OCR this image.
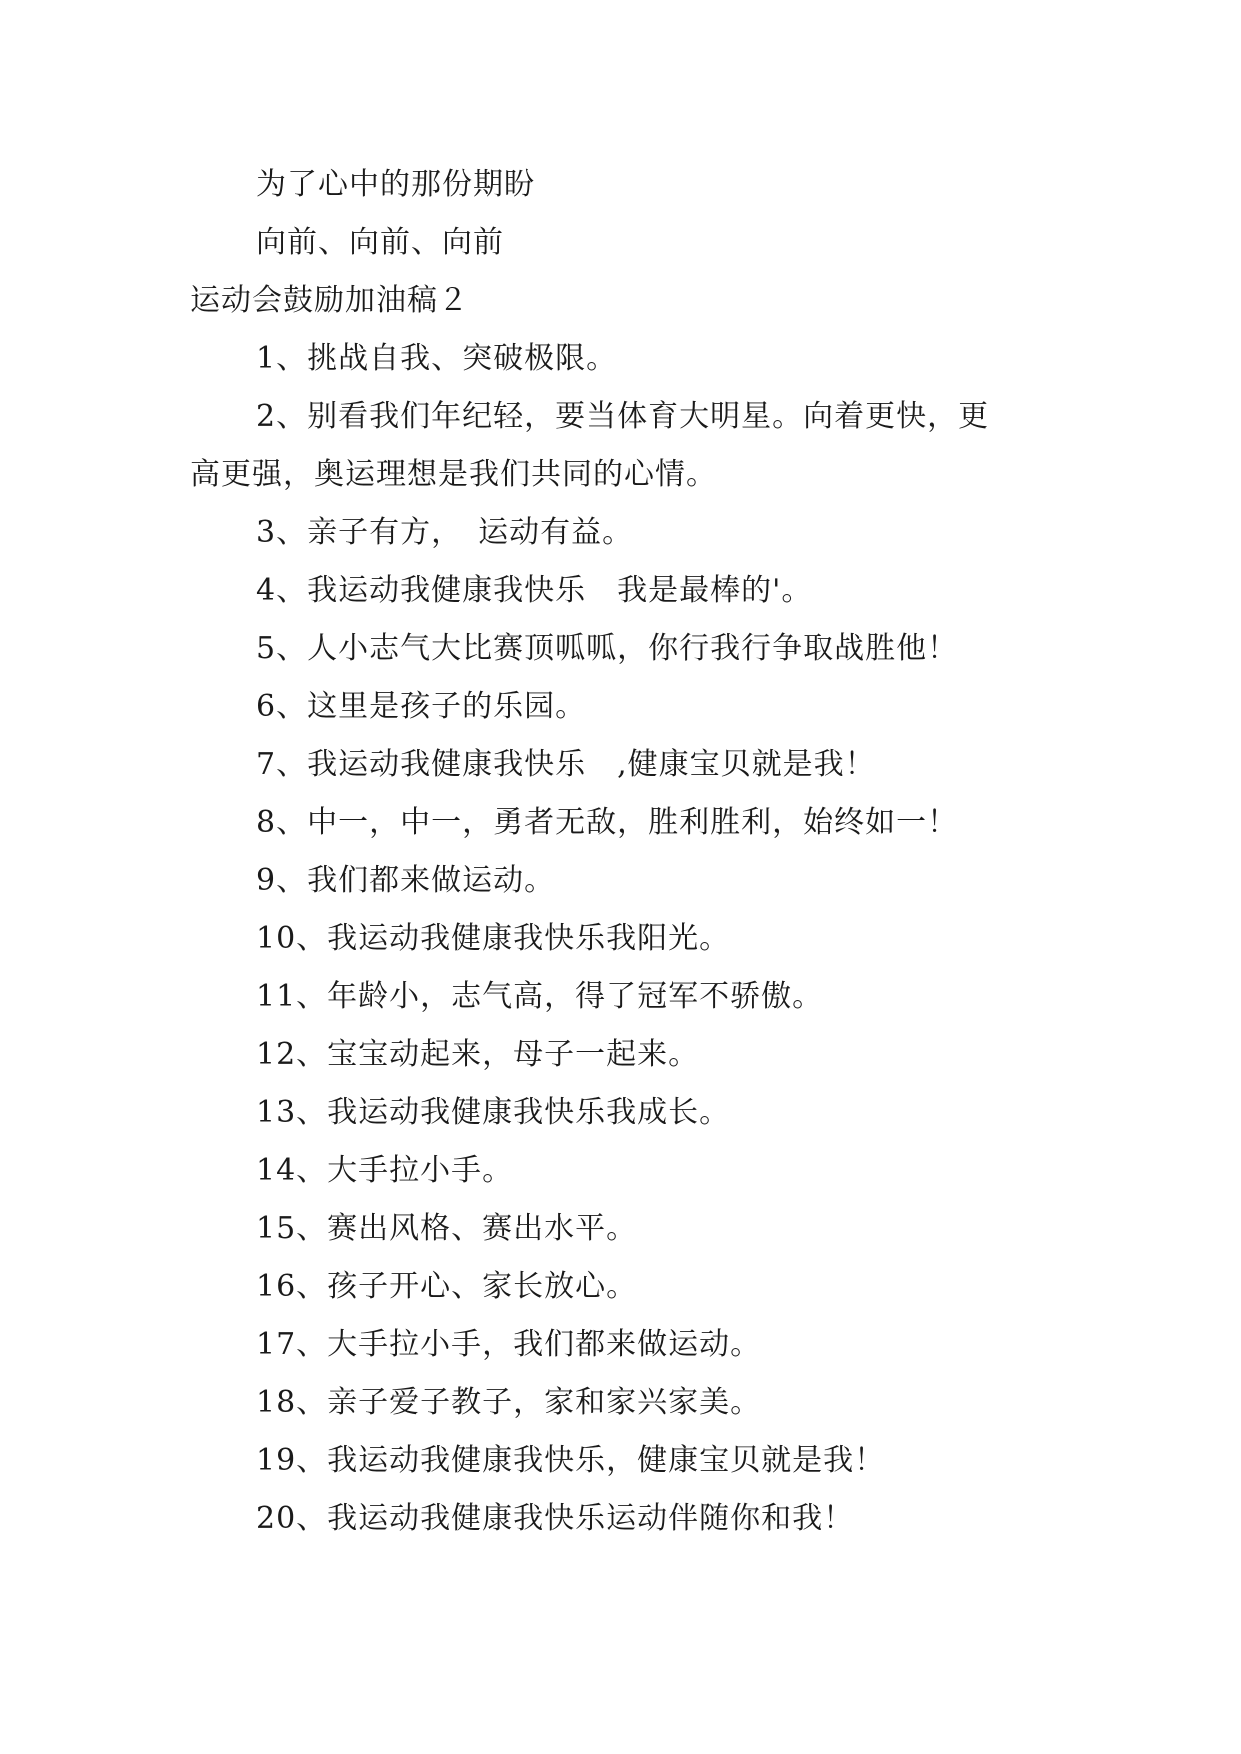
为了心中的那份期盼
向前、向前、向前
运动会鼓励加油稿２
1、挑战自我、突破极限。
2、别看我们年纪轻，要当体育大明星。向着更快，更
高更强，奥运理想是我们共同的心情。
3、亲子有方，　运动有益。
4、我运动我健康我快乐　我是最棒的'。
5、人小志气大比赛顶呱呱，你行我行争取战胜他！
6、这里是孩子的乐园。
7、我运动我健康我快乐　,健康宝贝就是我！
8、中一，中一，勇者无敌，胜利胜利，始终如一！
9、我们都来做运动。
10、我运动我健康我快乐我阳光。
11、年龄小，志气高，得了冠军不骄傲。
12、宝宝动起来，母子一起来。
13、我运动我健康我快乐我成长。
14、大手拉小手。
15、赛出风格、赛出水平。
16、孩子开心、家长放心。
17、大手拉小手，我们都来做运动。
18、亲子爱子教子，家和家兴家美。
19、我运动我健康我快乐，健康宝贝就是我！
20、我运动我健康我快乐运动伴随你和我！
